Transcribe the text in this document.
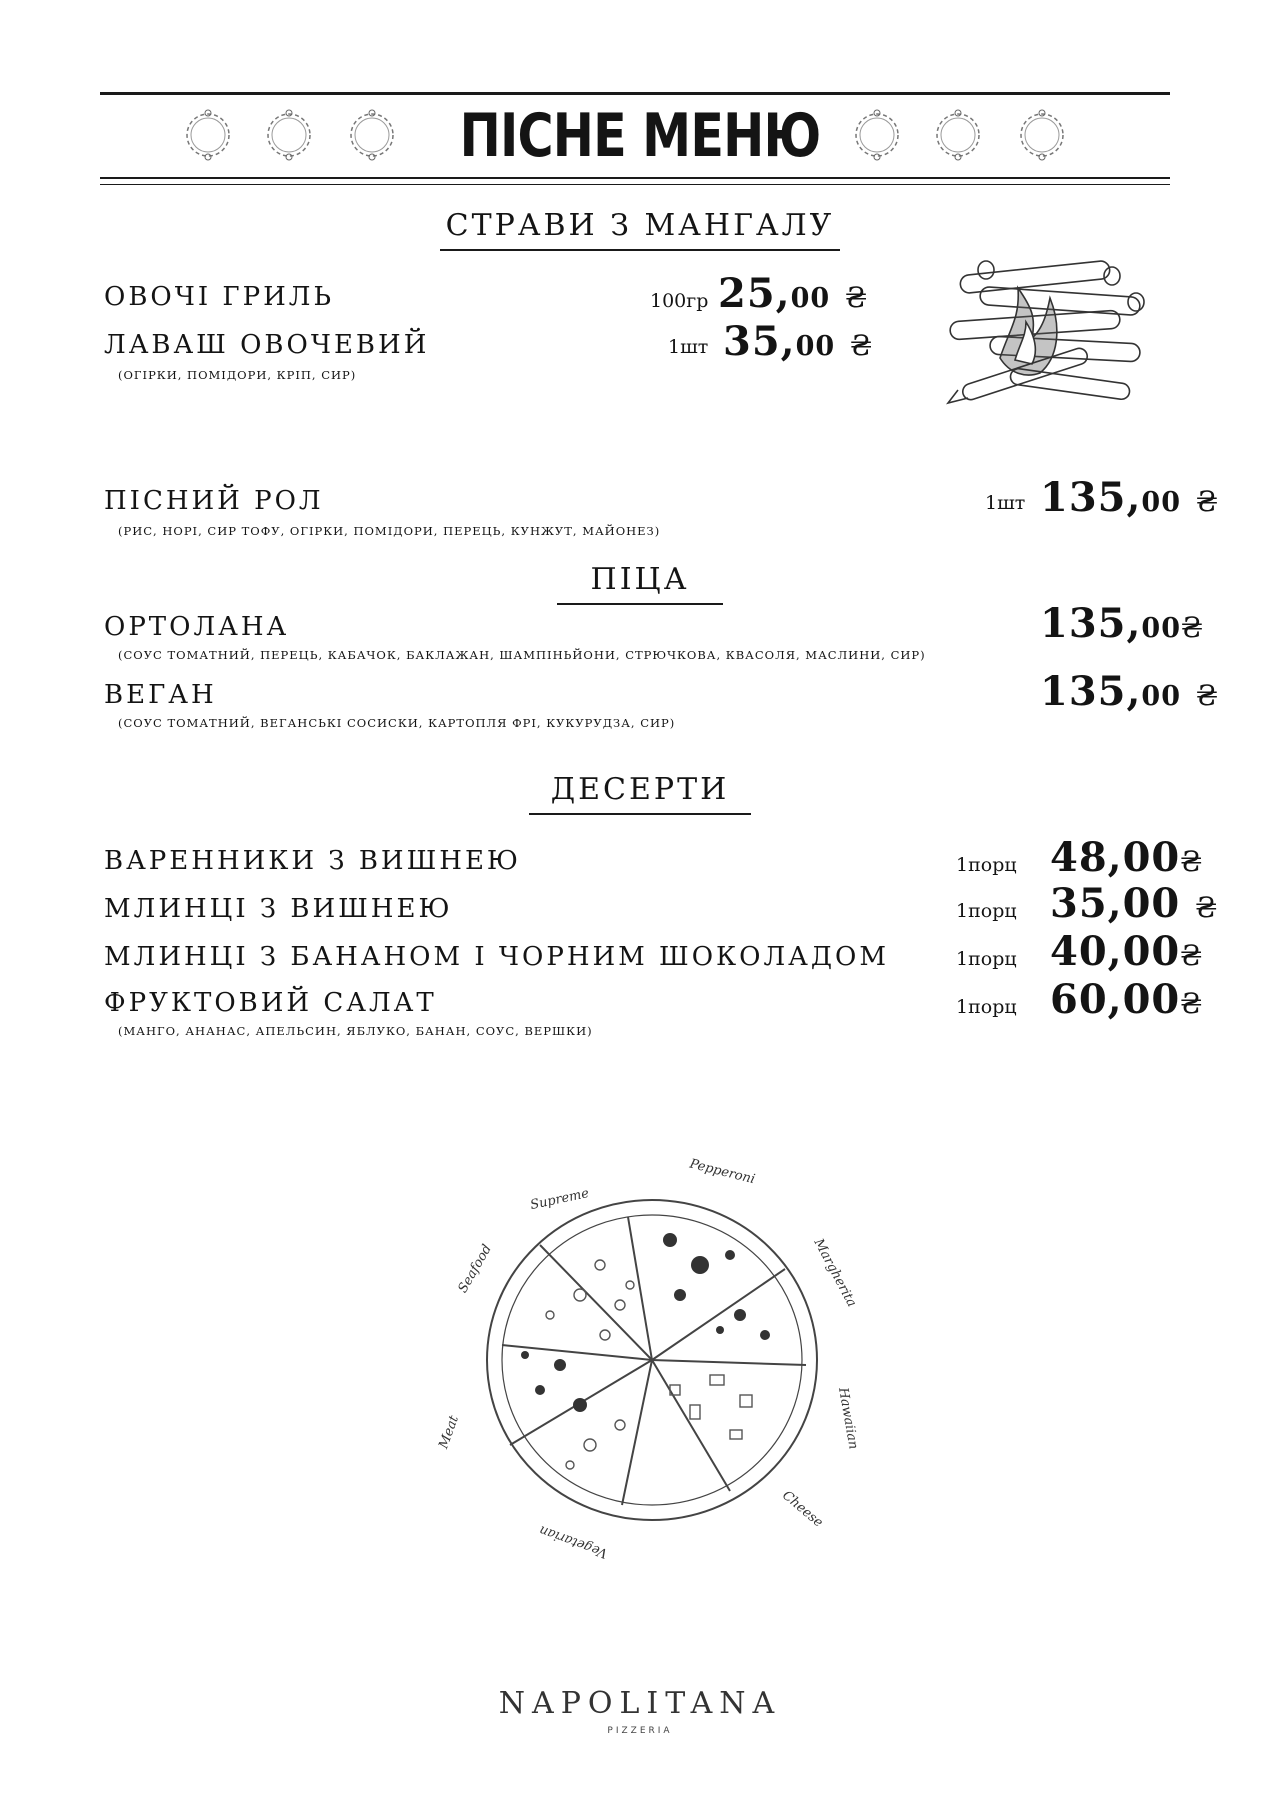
ПІСНЕ МЕНЮ
СТРАВИ З МАНГАЛУ
ОВОЧІ ГРИЛЬ	100гр 25,00 ₴
ЛАВАШ ОВОЧЕВИЙ
(ОГІРКИ, ПОМІДОРИ, КРІП, СИР)
1шт 35,00 ₴
ПІСНИЙ РОЛ
(РИС, НОРІ, СИР ТОФУ, ОГІРКИ, ПОМІДОРИ, ПЕРЕЦЬ, КУНЖУТ, МАЙОНЕЗ)
1шт 135,00 ₴
ПІЦА
ОРТОЛАНА
(СОУС ТОМАТНИЙ, ПЕРЕЦЬ, КАБАЧОК, БАКЛАЖАН, ШАМПІНЬЙОНИ, СТРЮЧКОВА, КВАСОЛЯ, МАСЛИНИ, СИР)
135,00₴
ВЕГАН
(СОУС ТОМАТНИЙ, ВЕГАНСЬКІ СОСИСКИ, КАРТОПЛЯ ФРІ, КУКУРУДЗА, СИР)
135,00 ₴
ДЕСЕРТИ
ВАРЕННИКИ З ВИШНЕЮ	1порц 48,00₴
МЛИНЦІ З ВИШНЕЮ	1порц 35,00 ₴
МЛИНЦІ З БАНАНОМ І ЧОРНИМ ШОКОЛАДОМ	1порц 40,00₴
ФРУКТОВИЙ САЛАТ
(МАНГО, АНАНАС, АПЕЛЬСИН, ЯБЛУКО, БАНАН, СОУС, ВЕРШКИ)
1порц 60,00₴
Supreme
Pepperoni
Margherita
Hawaiian
Cheese
Vegetarian
Meat
Seafood
NAPOLITANA
PIZZERIA
